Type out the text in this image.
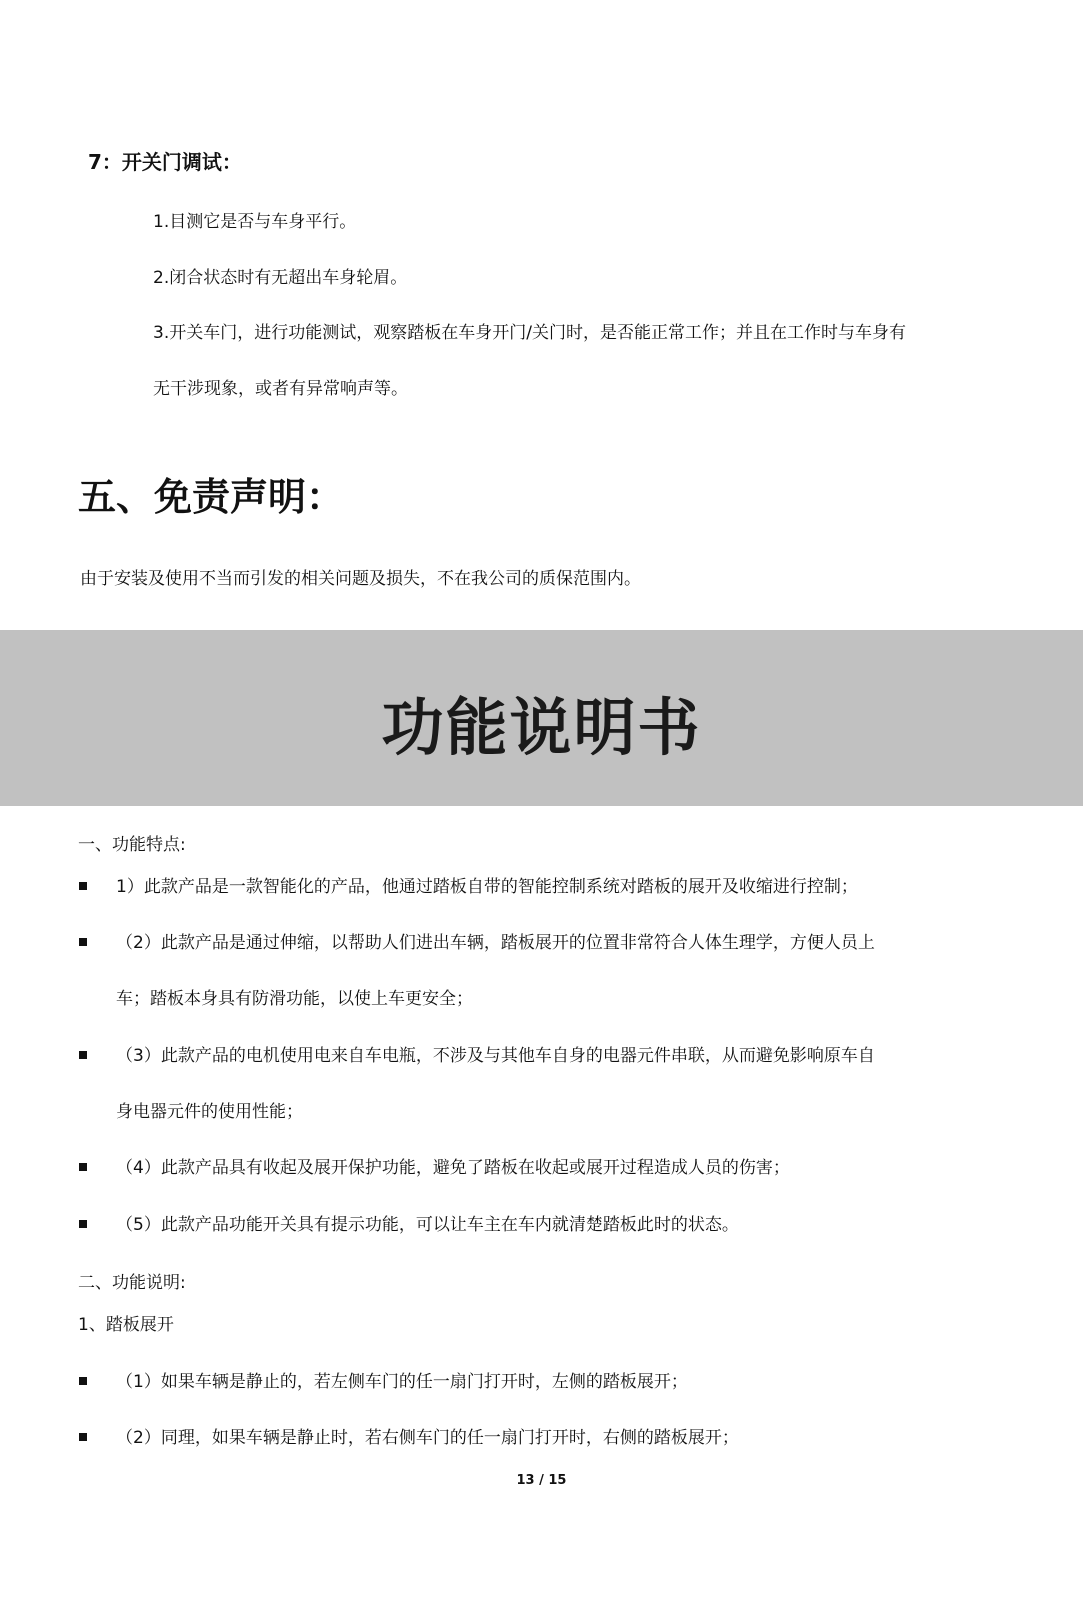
7：开关门调试：
1.目测它是否与车身平行。
2.闭合状态时有无超出车身轮眉。
3.开关车门，进行功能测试，观察踏板在车身开门/关门时，是否能正常工作；并且在工作时与车身有
无干涉现象，或者有异常响声等。
五、免责声明：
由于安装及使用不当而引发的相关问题及损失，不在我公司的质保范围内。
功能说明书
一、功能特点:
1）此款产品是一款智能化的产品，他通过踏板自带的智能控制系统对踏板的展开及收缩进行控制；
（2）此款产品是通过伸缩，以帮助人们进出车辆，踏板展开的位置非常符合人体生理学，方便人员上
车；踏板本身具有防滑功能，以使上车更安全；
（3）此款产品的电机使用电来自车电瓶，不涉及与其他车自身的电器元件串联，从而避免影响原车自
身电器元件的使用性能；
（4）此款产品具有收起及展开保护功能，避免了踏板在收起或展开过程造成人员的伤害；
（5）此款产品功能开关具有提示功能，可以让车主在车内就清楚踏板此时的状态。
二、功能说明:
1、踏板展开
（1）如果车辆是静止的，若左侧车门的任一扇门打开时，左侧的踏板展开；
（2）同理，如果车辆是静止时，若右侧车门的任一扇门打开时，右侧的踏板展开；
13 / 15
